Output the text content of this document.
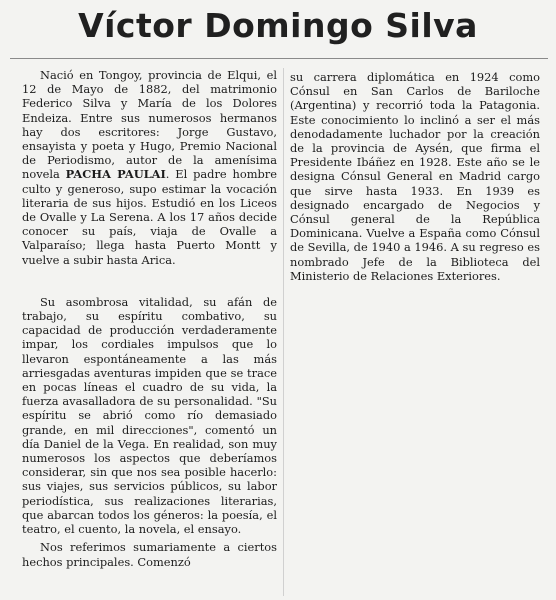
Víctor Domingo Silva

Nació en Tongoy, provincia de Elqui, el 12 de Mayo de 1882, del matrimonio Federico Silva y María de los Dolores Endeiza. Entre sus numerosos hermanos hay dos escritores: Jorge Gustavo, ensayista y poeta y Hugo, Premio Nacional de Periodismo, autor de la amenísima novela PACHA PAULAI. El padre hombre culto y generoso, supo estimar la vocación literaria de sus hijos. Estudió en los Liceos de Ovalle y La Serena. A los 17 años decide conocer su país, viaja de Ovalle a Valparaíso; llega hasta Puerto Montt y vuelve a subir hasta Arica.

Su asombrosa vitalidad, su afán de trabajo, su espíritu combativo, su capacidad de producción verdaderamente impar, los cordiales impulsos que lo llevaron espontáneamente a las más arriesgadas aventuras impiden que se trace en pocas líneas el cuadro de su vida, la fuerza avasalladora de su personalidad. "Su espíritu se abrió como río demasiado grande, en mil direcciones", comentó un día Daniel de la Vega. En realidad, son muy numerosos los aspectos que deberíamos considerar, sin que nos sea posible hacerlo: sus viajes, sus servicios públicos, su labor periodística, sus realizaciones literarias, que abarcan todos los géneros: la poesía, el teatro, el cuento, la novela, el ensayo.

Nos referimos sumariamente a ciertos hechos principales. Comenzó

su carrera diplomática en 1924 como Cónsul en San Carlos de Bariloche (Argentina) y recorrió toda la Patagonia. Este conocimiento lo inclinó a ser el más denodadamente luchador por la creación de la provincia de Aysén, que firma el Presidente Ibáñez en 1928. Este año se le designa Cónsul General en Madrid cargo que sirve hasta 1933. En 1939 es designado encargado de Negocios y Cónsul general de la República Dominicana. Vuelve a España como Cónsul de Sevilla, de 1940 a 1946. A su regreso es nombrado Jefe de la Biblioteca del Ministerio de Relaciones Exteriores.
